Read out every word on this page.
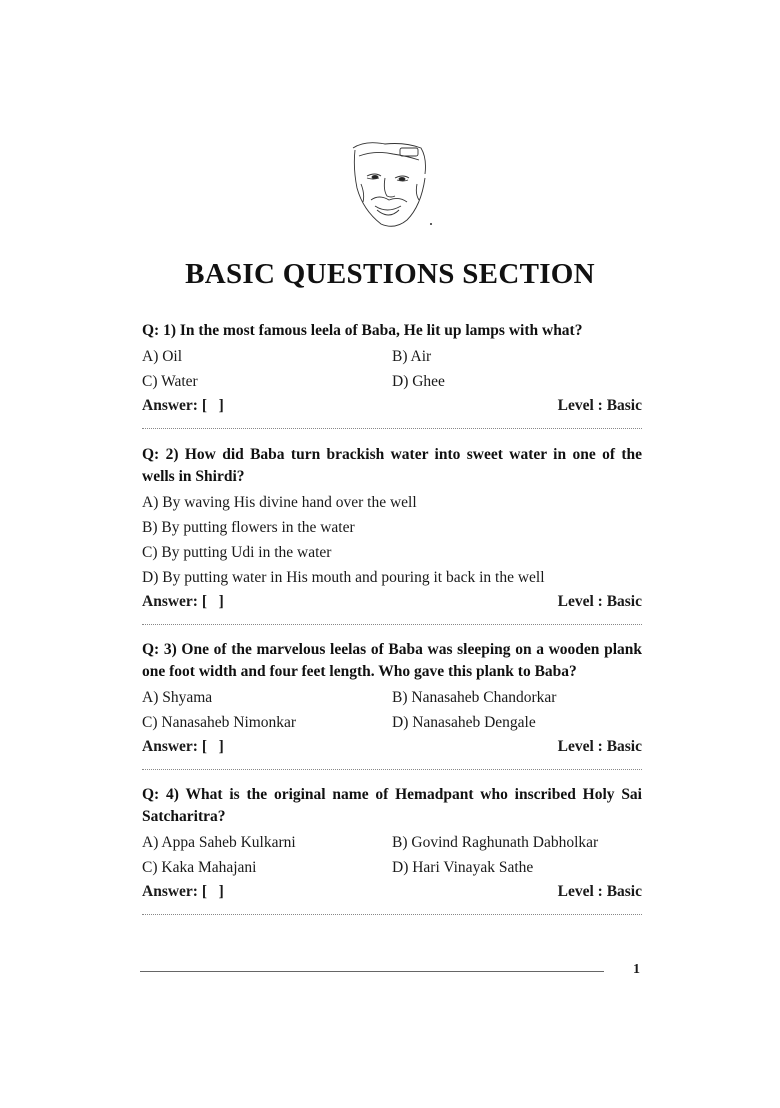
BASIC QUESTIONS SECTION
Q: 1) In the most famous leela of Baba, He lit up lamps with what?
A) Oil	B) Air
C) Water	D) Ghee
Answer: [   ]	Level : Basic
Q: 2) How did Baba turn brackish water into sweet water in one of the wells in Shirdi?
A) By waving His divine hand over the well
B) By putting flowers in the water
C) By putting Udi in the water
D) By putting water in His mouth and pouring it back in the well
Answer: [   ]	Level : Basic
Q: 3) One of the marvelous leelas of Baba was sleeping on a wooden plank one foot width and four feet length. Who gave this plank to Baba?
A) Shyama	B) Nanasaheb Chandorkar
C) Nanasaheb Nimonkar	D) Nanasaheb Dengale
Answer: [   ]	Level : Basic
Q: 4) What is the original name of Hemadpant who inscribed Holy Sai Satcharitra?
A) Appa Saheb Kulkarni	B) Govind Raghunath Dabholkar
C) Kaka Mahajani	D) Hari Vinayak Sathe
Answer: [   ]	Level : Basic
1
